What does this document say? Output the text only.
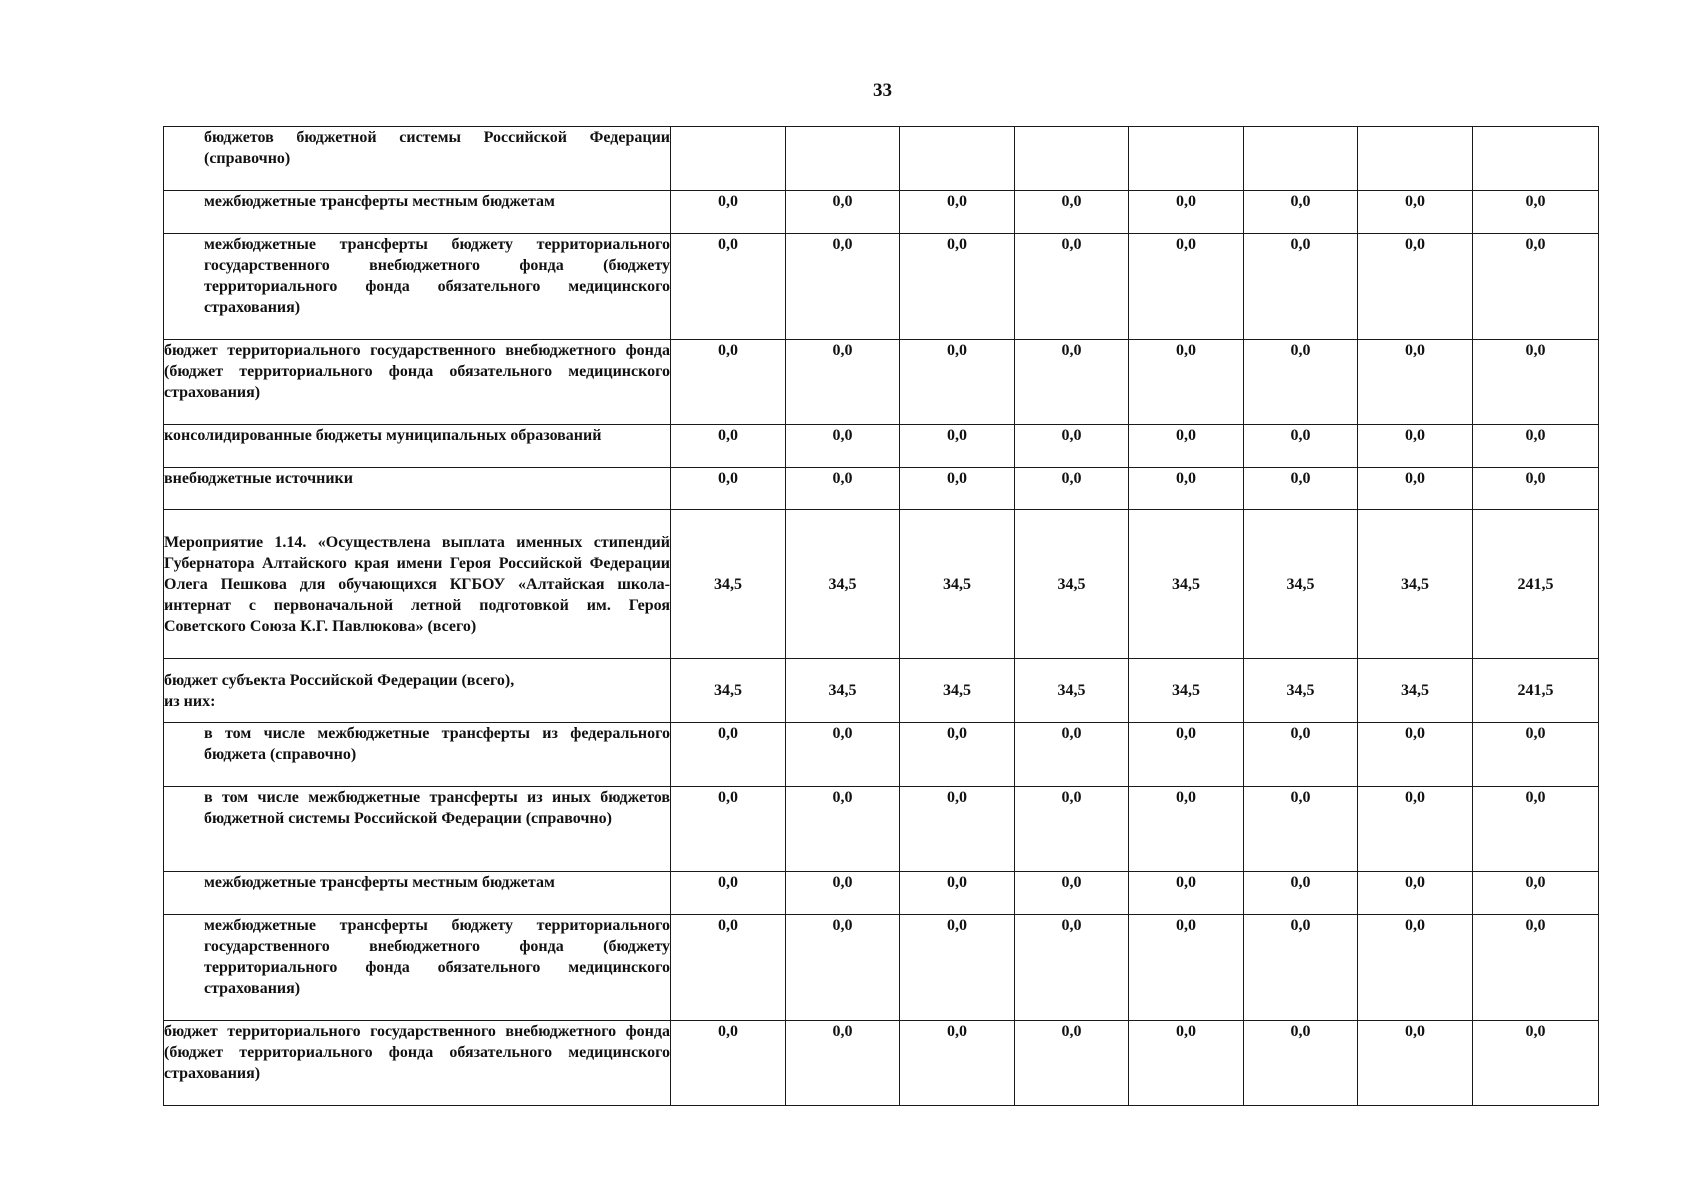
33
бюджетов бюджетной системы Российской Федерации (справочно)								
межбюджетные трансферты местным бюджетам	0,0	0,0	0,0	0,0	0,0	0,0	0,0	0,0
межбюджетные трансферты бюджету территориального государственного внебюджетного фонда (бюджету территориального фонда обязательного медицинского страхования)	0,0	0,0	0,0	0,0	0,0	0,0	0,0	0,0
бюджет территориального государственного внебюджетного фонда (бюджет территориального фонда обязательного медицинского страхования)	0,0	0,0	0,0	0,0	0,0	0,0	0,0	0,0
консолидированные бюджеты муниципальных образований	0,0	0,0	0,0	0,0	0,0	0,0	0,0	0,0
внебюджетные источники	0,0	0,0	0,0	0,0	0,0	0,0	0,0	0,0
Мероприятие 1.14. «Осуществлена выплата именных стипендий Губернатора Алтайского края имени Героя Российской Федерации Олега Пешкова для обучающихся КГБОУ «Алтайская школа-интернат с первоначальной летной подготовкой им. Героя Советского Союза К.Г. Павлюкова» (всего)	34,5	34,5	34,5	34,5	34,5	34,5	34,5	241,5
бюджет субъекта Российской Федерации (всего),
из них:	34,5	34,5	34,5	34,5	34,5	34,5	34,5	241,5
в том числе межбюджетные трансферты из федерального бюджета (справочно)	0,0	0,0	0,0	0,0	0,0	0,0	0,0	0,0
в том числе межбюджетные трансферты из иных бюджетов бюджетной системы Российской Федерации (справочно)	0,0	0,0	0,0	0,0	0,0	0,0	0,0	0,0
межбюджетные трансферты местным бюджетам	0,0	0,0	0,0	0,0	0,0	0,0	0,0	0,0
межбюджетные трансферты бюджету территориального государственного внебюджетного фонда (бюджету территориального фонда обязательного медицинского страхования)	0,0	0,0	0,0	0,0	0,0	0,0	0,0	0,0
бюджет территориального государственного внебюджетного фонда (бюджет территориального фонда обязательного медицинского страхования)	0,0	0,0	0,0	0,0	0,0	0,0	0,0	0,0
